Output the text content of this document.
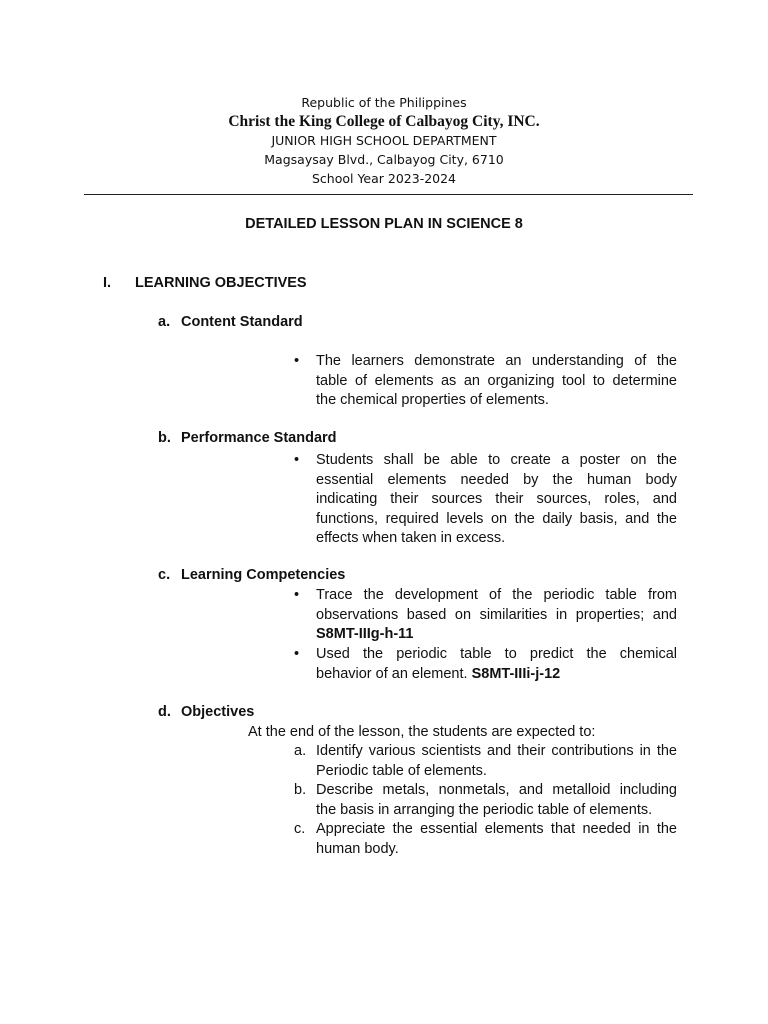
Republic of the Philippines
Christ the King College of Calbayog City, INC.
JUNIOR HIGH SCHOOL DEPARTMENT
Magsaysay Blvd., Calbayog City, 6710
School Year 2023-2024
DETAILED LESSON PLAN IN SCIENCE 8
I. LEARNING OBJECTIVES
a. Content Standard
• The learners demonstrate an understanding of the
table of elements as an organizing tool to determine
the chemical properties of elements.
b. Performance Standard
• Students shall be able to create a poster on the
essential elements needed by the human body
indicating their sources their sources, roles, and
functions, required levels on the daily basis, and the
effects when taken in excess.
c. Learning Competencies
• Trace the development of the periodic table from
observations based on similarities in properties; and
S8MT-IIIg-h-11
• Used the periodic table to predict the chemical
behavior of an element. S8MT-IIIi-j-12
d. Objectives
At the end of the lesson, the students are expected to:
a. Identify various scientists and their contributions in the
Periodic table of elements.
b. Describe metals, nonmetals, and metalloid including
the basis in arranging the periodic table of elements.
c. Appreciate the essential elements that needed in the
human body.
